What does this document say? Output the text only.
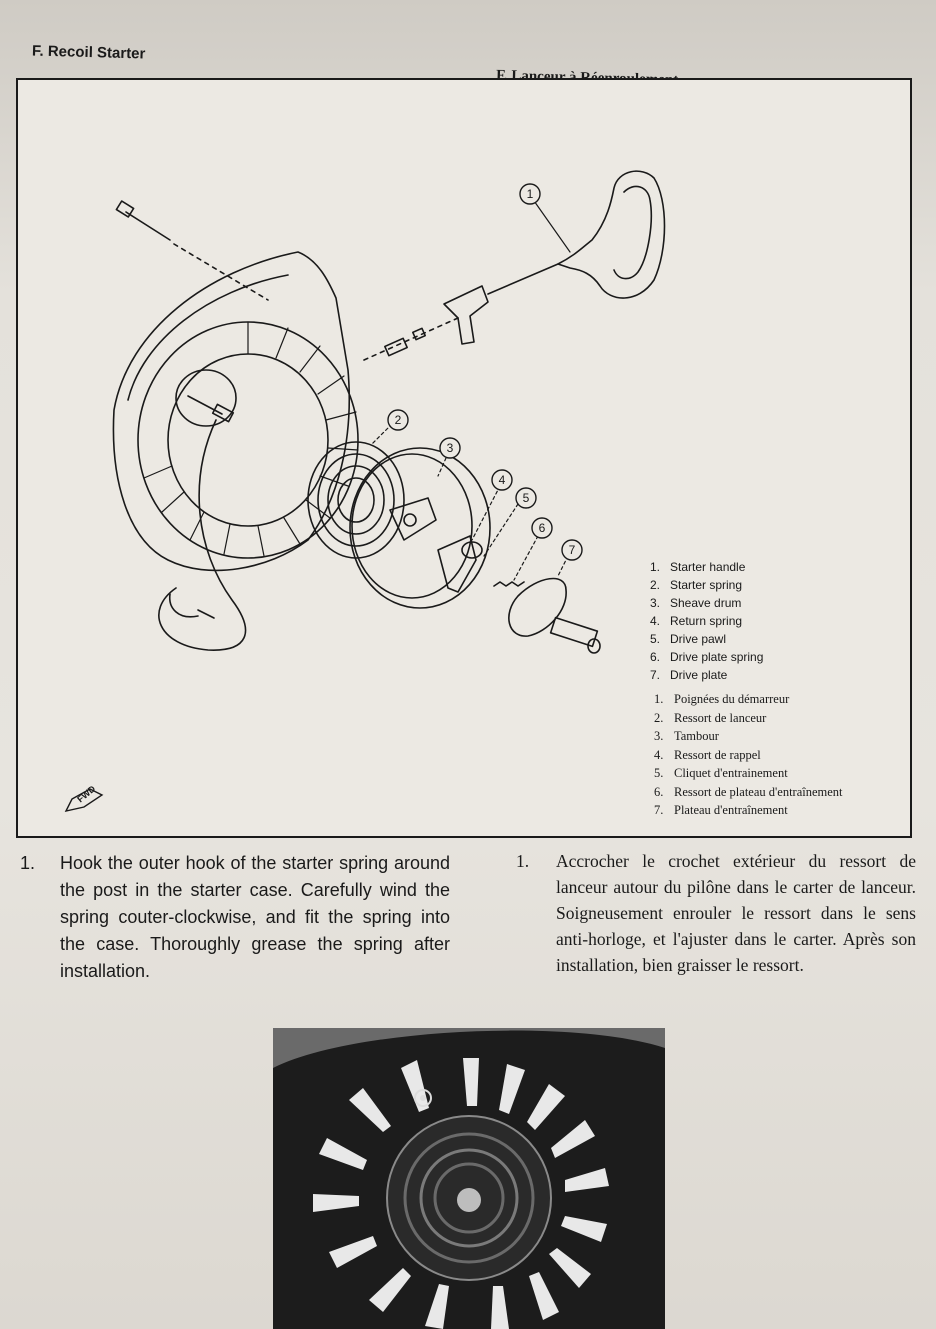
F. Recoil Starter
1
2
3
4
5
6
7
FWD
1. Starter handle
2. Starter spring
3. Sheave drum
4. Return spring
5. Drive pawl
6. Drive plate spring
7. Drive plate
1. Poignées du démarreur
2. Ressort de lanceur
3. Tambour
4. Ressort de rappel
5. Cliquet d'entrainement
6. Ressort de plateau d'entraînement
7. Plateau d'entraînement
1. Hook the outer hook of the starter spring around the post in the starter case. Carefully wind the spring couter-clockwise, and fit the spring into the case. Thoroughly grease the spring after installation.
1. Accrocher le crochet extérieur du ressort de lanceur autour du pilône dans le carter de lanceur. Soigneusement enrouler le ressort dans le sens anti-horloge, et l'ajuster dans le carter. Après son installation, bien graisser le ressort.
